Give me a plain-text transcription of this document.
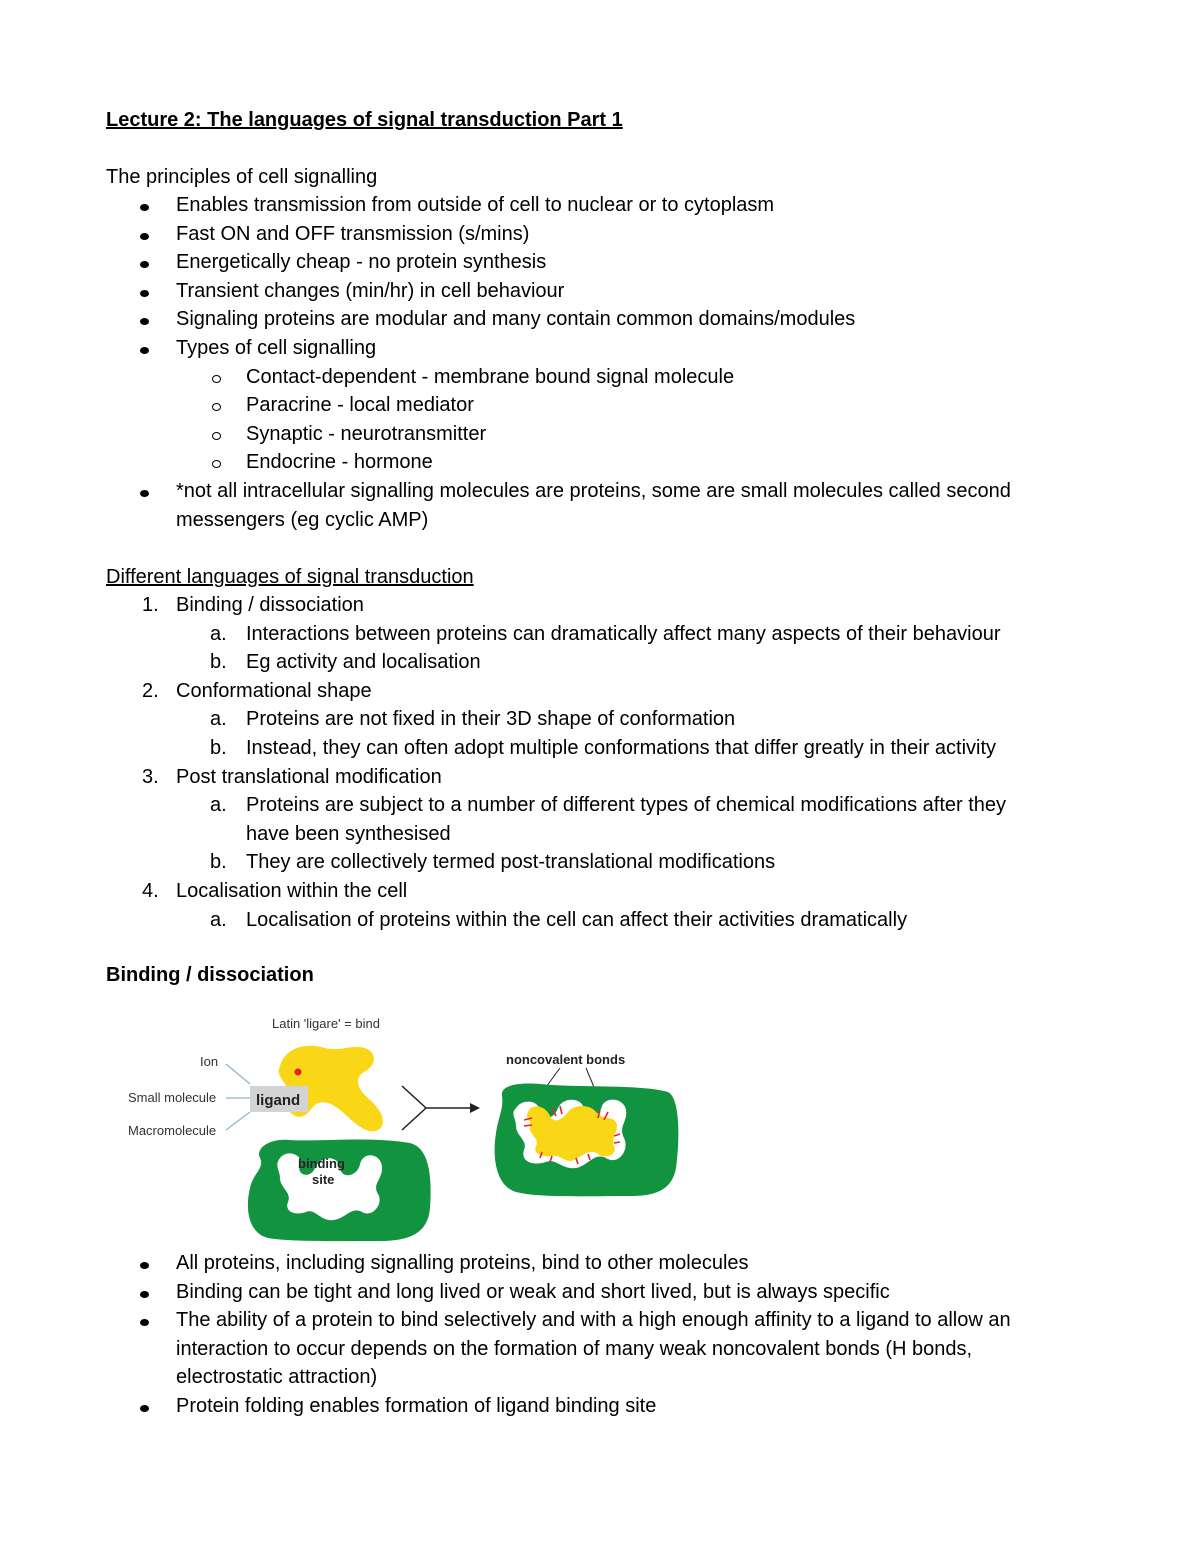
Lecture 2: The languages of signal transduction Part 1
The principles of cell signalling
Enables transmission from outside of cell to nuclear or to cytoplasm
Fast ON and OFF transmission (s/mins)
Energetically cheap - no protein synthesis
Transient changes (min/hr) in cell behaviour
Signaling proteins are modular and many contain common domains/modules
Types of cell signalling
Contact-dependent - membrane bound signal molecule
Paracrine - local mediator
Synaptic - neurotransmitter
Endocrine - hormone
*not all intracellular signalling molecules are proteins, some are small molecules called second
messengers (eg cyclic AMP)
Different languages of signal transduction
1. Binding / dissociation
a. Interactions between proteins can dramatically affect many aspects of their behaviour
b. Eg activity and localisation
2. Conformational shape
a. Proteins are not fixed in their 3D shape of conformation
b. Instead, they can often adopt multiple conformations that differ greatly in their activity
3. Post translational modification
a. Proteins are subject to a number of different types of chemical modifications after they
have been synthesised
b. They are collectively termed post-translational modifications
4. Localisation within the cell
a. Localisation of proteins within the cell can affect their activities dramatically
Binding / dissociation
Latin 'ligare' = bind
Ion
Small molecule
Macromolecule
ligand
binding
site
noncovalent bonds
All proteins, including signalling proteins, bind to other molecules
Binding can be tight and long lived or weak and short lived, but is always specific
The ability of a protein to bind selectively and with a high enough affinity to a ligand to allow an
interaction to occur depends on the formation of many weak noncovalent bonds (H bonds,
electrostatic attraction)
Protein folding enables formation of ligand binding site
